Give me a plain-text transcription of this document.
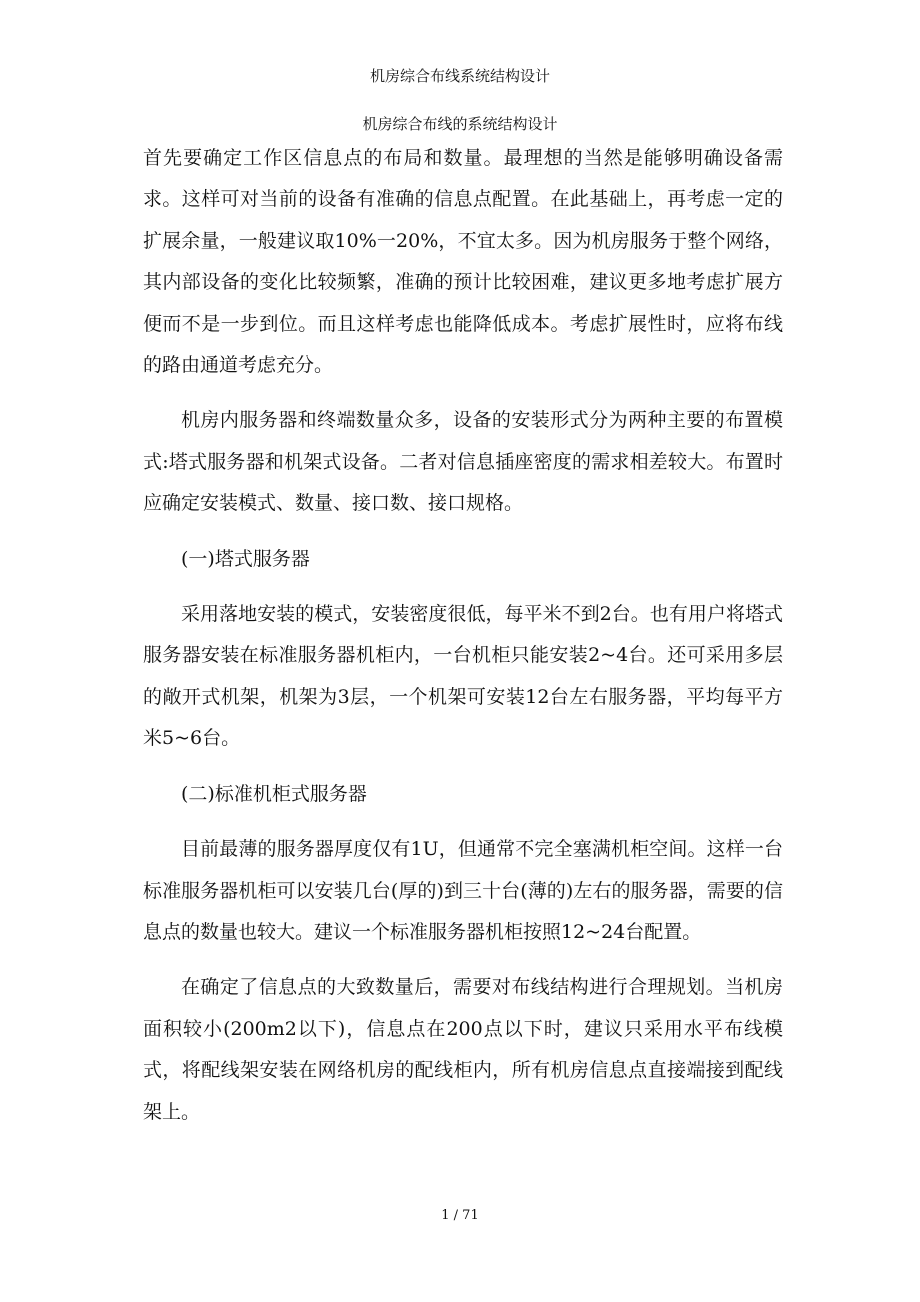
机房综合布线系统结构设计
机房综合布线的系统结构设计

首先要确定工作区信息点的布局和数量。最理想的当然是能够明确设备需求。这样可对当前的设备有准确的信息点配置。在此基础上，再考虑一定的扩展余量，一般建议取10%一20%，不宜太多。因为机房服务于整个网络，其内部设备的变化比较频繁，准确的预计比较困难，建议更多地考虑扩展方便而不是一步到位。而且这样考虑也能降低成本。考虑扩展性时，应将布线的路由通道考虑充分。

机房内服务器和终端数量众多，设备的安装形式分为两种主要的布置模式:塔式服务器和机架式设备。二者对信息插座密度的需求相差较大。布置时应确定安装模式、数量、接口数、接口规格。

(一)塔式服务器

采用落地安装的模式，安装密度很低，每平米不到2台。也有用户将塔式服务器安装在标准服务器机柜内，一台机柜只能安装2~4台。还可采用多层的敞开式机架，机架为3层，一个机架可安装12台左右服务器，平均每平方米5~6台。

(二)标准机柜式服务器

目前最薄的服务器厚度仅有1U，但通常不完全塞满机柜空间。这样一台标准服务器机柜可以安装几台(厚的)到三十台(薄的)左右的服务器，需要的信息点的数量也较大。建议一个标准服务器机柜按照12~24台配置。

在确定了信息点的大致数量后，需要对布线结构进行合理规划。当机房面积较小(200m2以下)，信息点在200点以下时，建议只采用水平布线模式，将配线架安装在网络机房的配线柜内，所有机房信息点直接端接到配线架上。

1 / 71
